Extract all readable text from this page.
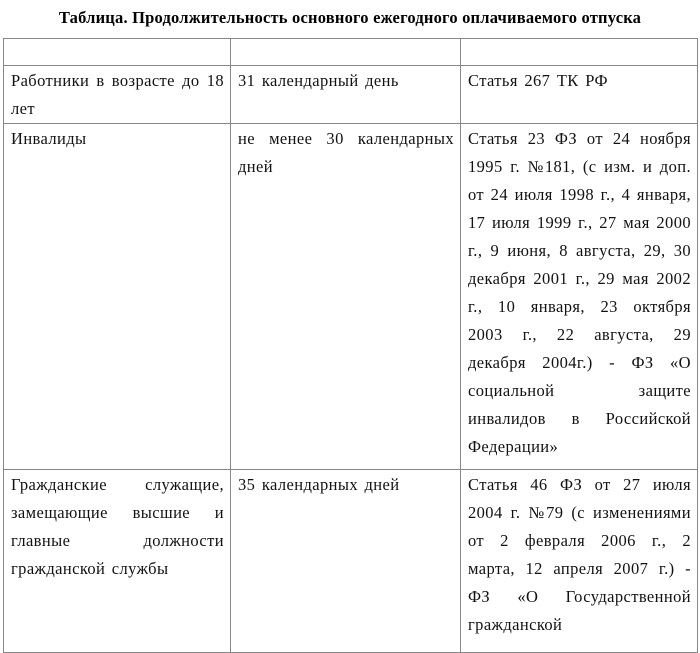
Таблица. Продолжительность основного ежегодного оплачиваемого отпуска

Работники в возрасте до 18 лет	31 календарный день	Статья 267 ТК РФ
Инвалиды	не менее 30 календарных дней	Статья 23 ФЗ от 24 ноября 1995 г. №181, (с изм. и доп. от 24 июля 1998 г., 4 января, 17 июля 1999 г., 27 мая 2000 г., 9 июня, 8 августа, 29, 30 декабря 2001 г., 29 мая 2002 г., 10 января, 23 октября 2003 г., 22 августа, 29 декабря 2004г.) - ФЗ «О социальной защите инвалидов в Российской Федерации»
Гражданские служащие, замещающие высшие и главные должности гражданской службы	35 календарных дней	Статья 46 ФЗ от 27 июля 2004 г. №79 (с изменениями от 2 февраля 2006 г., 2 марта, 12 апреля 2007 г.) - ФЗ «О Государственной гражданской
